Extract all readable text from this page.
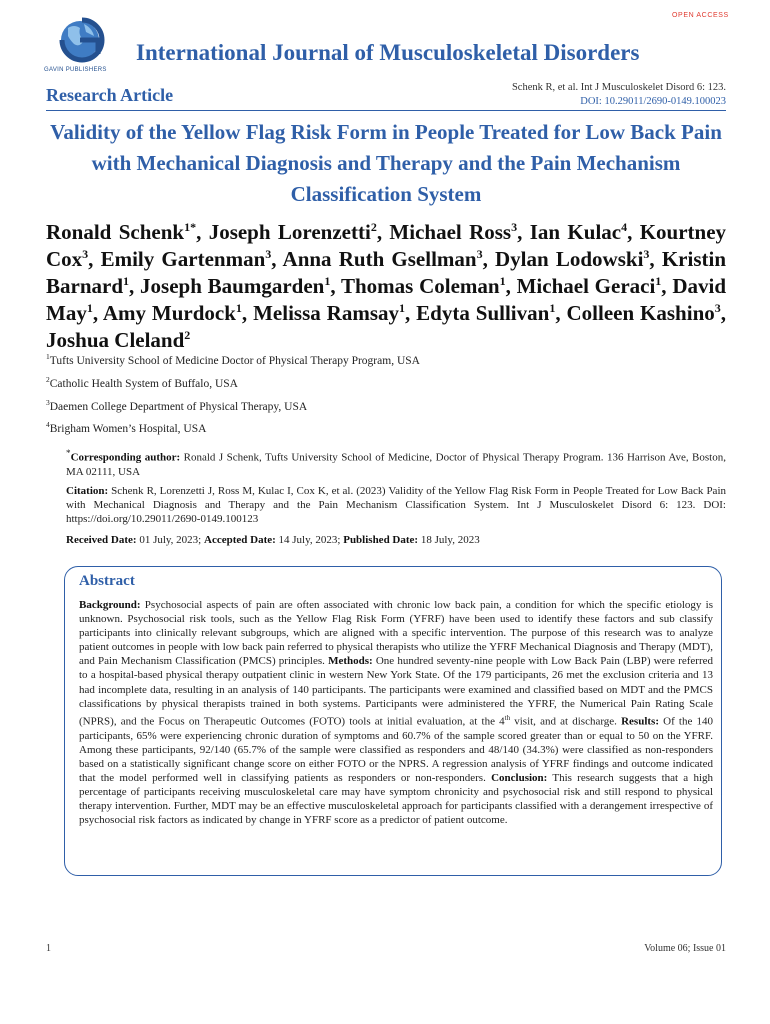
GAVIN PUBLISHERS
OPEN ACCESS
International Journal of Musculoskeletal Disorders
Schenk R, et al. Int J Musculoskelet Disord 6: 123.
Research Article	DOI: 10.29011/2690-0149.100023
Validity of the Yellow Flag Risk Form in People Treated for Low Back Pain with Mechanical Diagnosis and Therapy and the Pain Mechanism Classification System
Ronald Schenk$^{1*}$, Joseph Lorenzetti$^2$, Michael Ross$^3$, Ian Kulac$^4$, Kourtney Cox$^3$, Emily Gartenman$^3$, Anna Ruth Gsellman$^3$, Dylan Lodowski$^3$, Kristin Barnard$^1$, Joseph Baumgarden$^1$, Thomas Coleman$^1$, Michael Geraci$^1$, David May$^1$, Amy Murdock$^1$, Melissa Ramsay$^1$, Edyta Sullivan$^1$, Colleen Kashino$^3$, Joshua Cleland$^2$
$^1$Tufts University School of Medicine Doctor of Physical Therapy Program, USA
$^2$Catholic Health System of Buffalo, USA
$^3$Daemen College Department of Physical Therapy, USA
$^4$Brigham Women’s Hospital, USA
*Corresponding author: Ronald J Schenk, Tufts University School of Medicine, Doctor of Physical Therapy Program. 136 Harrison Ave, Boston, MA 02111, USA
Citation: Schenk R, Lorenzetti J, Ross M, Kulac I, Cox K, et al. (2023) Validity of the Yellow Flag Risk Form in People Treated for Low Back Pain with Mechanical Diagnosis and Therapy and the Pain Mechanism Classification System. Int J Musculoskelet Disord 6: 123. DOI: https://doi.org/10.29011/2690-0149.100123
Received Date: 01 July, 2023; Accepted Date: 14 July, 2023; Published Date: 18 July, 2023
Abstract
Background: Psychosocial aspects of pain are often associated with chronic low back pain, a condition for which the specific etiology is unknown. Psychosocial risk tools, such as the Yellow Flag Risk Form (YFRF) have been used to identify these factors and sub classify participants into clinically relevant subgroups, which are aligned with a specific intervention. The purpose of this research was to analyze patient outcomes in people with low back pain referred to physical therapists who utilize the YFRF Mechanical Diagnosis and Therapy (MDT), and Pain Mechanism Classification (PMCS) principles. Methods: One hundred seventy-nine people with Low Back Pain (LBP) were referred to a hospital-based physical therapy outpatient clinic in western New York State. Of the 179 participants, 26 met the exclusion criteria and 13 had incomplete data, resulting in an analysis of 140 participants. The participants were examined and classified based on MDT and the PMCS classifications by physical therapists trained in both systems. Participants were administered the YFRF, the Numerical Pain Rating Scale (NPRS), and the Focus on Therapeutic Outcomes (FOTO) tools at initial evaluation, at the 4th visit, and at discharge. Results: Of the 140 participants, 65% were experiencing chronic duration of symptoms and 60.7% of the sample scored greater than or equal to 50 on the YFRF. Among these participants, 92/140 (65.7% of the sample were classified as responders and 48/140 (34.3%) were classified as non-responders based on a statistically significant change score on either FOTO or the NPRS. A regression analysis of YFRF findings and outcome indicated that the model performed well in classifying patients as responders or non-responders. Conclusion: This research suggests that a high percentage of participants receiving musculoskeletal care may have symptom chronicity and psychosocial risk and still respond to physical therapy intervention. Further, MDT may be an effective musculoskeletal approach for participants classified with a derangement irrespective of psychosocial risk factors as indicated by change in YFRF score as a predictor of patient outcome.
1	Volume 06; Issue 01
